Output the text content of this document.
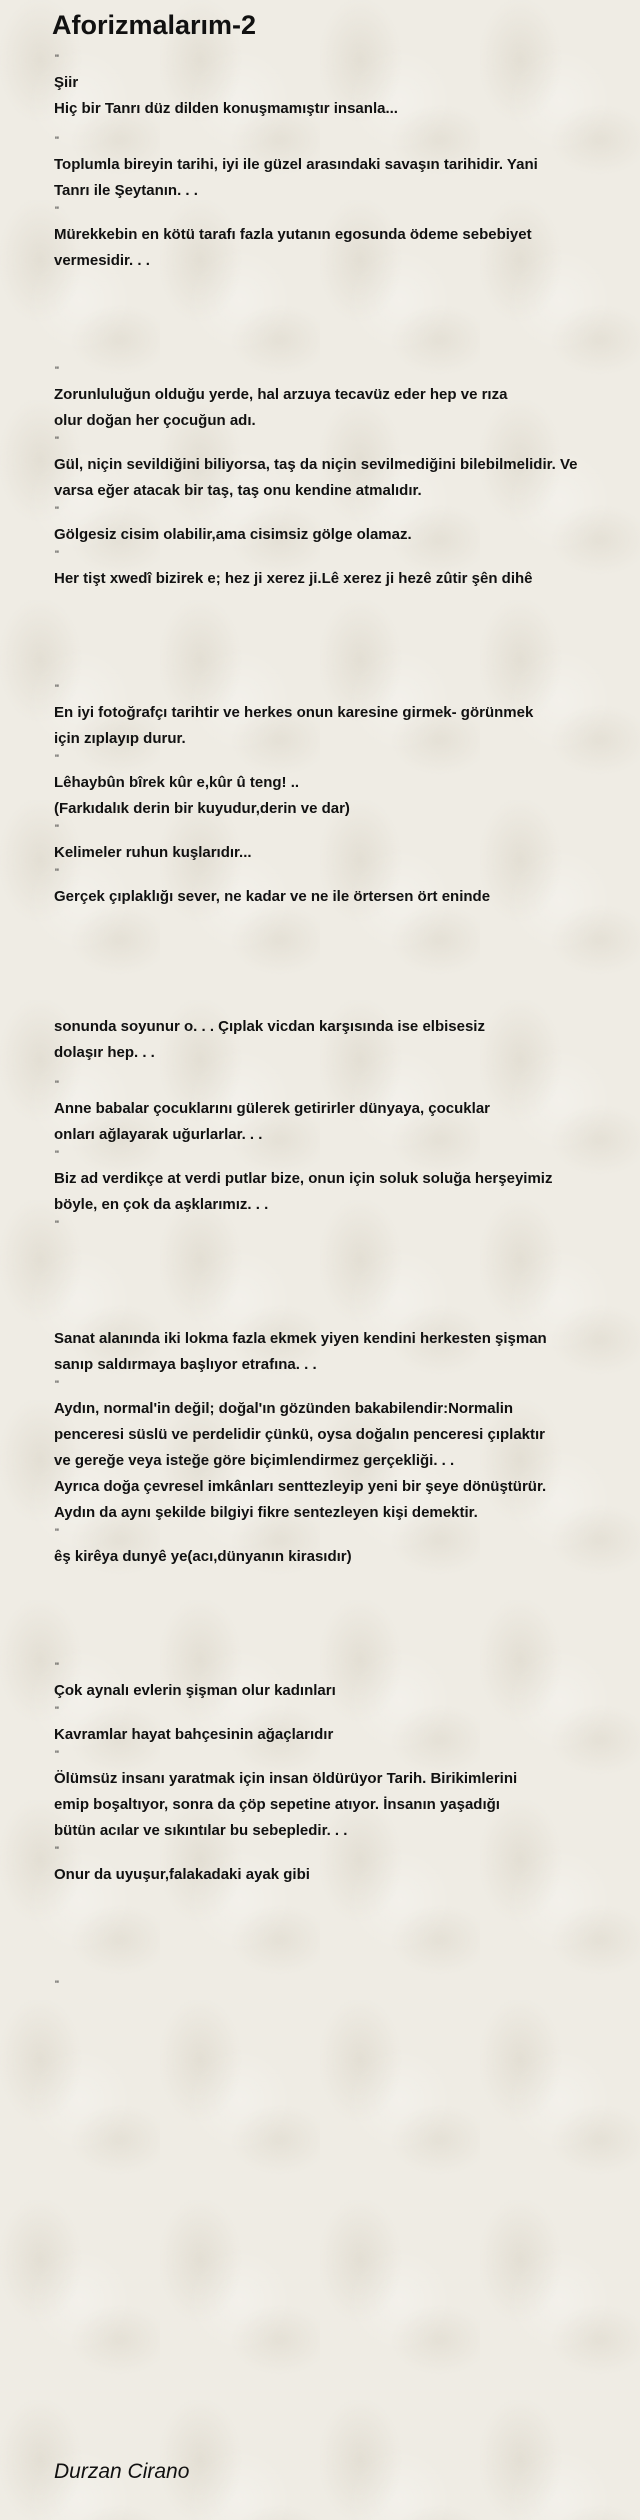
Aforizmalarım-2
"
Şiir
Hiç bir Tanrı düz dilden konuşmamıştır insanla...
"
Toplumla bireyin tarihi, iyi ile güzel arasındaki savaşın tarihidir. Yani
Tanrı ile Şeytanın. . .
"
Mürekkebin en kötü tarafı fazla yutanın egosunda ödeme sebebiyet
vermesidir. . .
"
Zorunluluğun olduğu yerde, hal arzuya tecavüz eder hep ve rıza
olur doğan her çocuğun adı.
"
Gül, niçin sevildiğini biliyorsa, taş da niçin sevilmediğini bilebilmelidir. Ve
varsa eğer atacak bir taş, taş onu kendine atmalıdır.
"
Gölgesiz cisim olabilir,ama cisimsiz gölge olamaz.
"
Her tişt xwedî bizirek e; hez ji xerez ji.Lê xerez ji hezê zûtir şên dihê
"
En iyi fotoğrafçı tarihtir ve herkes onun karesine girmek- görünmek
için zıplayıp durur.
"
Lêhaybûn bîrek kûr e,kûr û teng! ..
(Farkıdalık derin bir kuyudur,derin ve dar)
"
Kelimeler ruhun kuşlarıdır...
"
Gerçek çıplaklığı sever, ne kadar ve ne ile örtersen ört eninde
sonunda soyunur o. . . Çıplak vicdan karşısında ise elbisesiz
dolaşır hep. . .
"
Anne babalar çocuklarını gülerek getirirler dünyaya, çocuklar
onları ağlayarak uğurlarlar. . .
"
Biz ad verdikçe at verdi putlar bize, onun için soluk soluğa herşeyimiz
böyle, en çok da aşklarımız. . .
"
Sanat alanında iki lokma fazla ekmek yiyen kendini herkesten şişman
sanıp saldırmaya başlıyor etrafına. . .
"
Aydın, normal'in değil; doğal'ın gözünden bakabilendir:Normalin
penceresi süslü ve perdelidir çünkü, oysa doğalın penceresi çıplaktır
ve gereğe veya isteğe göre biçimlendirmez gerçekliği. . .
Ayrıca doğa çevresel imkânları senttezleyip yeni bir şeye dönüştürür.
Aydın da aynı şekilde bilgiyi fikre sentezleyen kişi demektir.
"
êş kirêya dunyê ye(acı,dünyanın kirasıdır)
"
Çok aynalı evlerin şişman olur kadınları
"
Kavramlar hayat bahçesinin ağaçlarıdır
"
Ölümsüz insanı yaratmak için insan öldürüyor Tarih. Birikimlerini
emip boşaltıyor, sonra da çöp sepetine atıyor. İnsanın yaşadığı
bütün acılar ve sıkıntılar bu sebepledir. . .
"
Onur da uyuşur,falakadaki ayak gibi
"
Durzan Cirano
